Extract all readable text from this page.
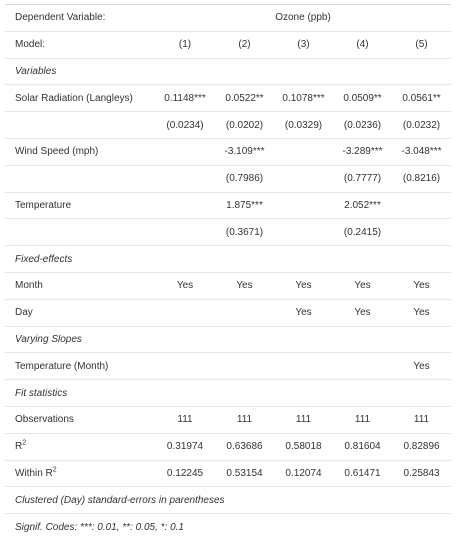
Dependent Variable:	Ozone (ppb)				
Model:	(1)	(2)	(3)	(4)	(5)
Variables					
Solar Radiation (Langleys)	0.1148***	0.0522**	0.1078***	0.0509**	0.0561**
	(0.0234)	(0.0202)	(0.0329)	(0.0236)	(0.0232)
Wind Speed (mph)		-3.109***		-3.289***	-3.048***
		(0.7986)		(0.7777)	(0.8216)
Temperature		1.875***		2.052***	
		(0.3671)		(0.2415)	
Fixed-effects					
Month	Yes	Yes	Yes	Yes	Yes
Day			Yes	Yes	Yes
Varying Slopes					
Temperature (Month)					Yes
Fit statistics					
Observations	111	111	111	111	111
$R^2$	0.31974	0.63686	0.58018	0.81604	0.82896
Within $R^2$	0.12245	0.53154	0.12074	0.61471	0.25843
Clustered (Day) standard-errors in parentheses					
Signif. Codes: ***: 0.01, **: 0.05, *: 0.1					
